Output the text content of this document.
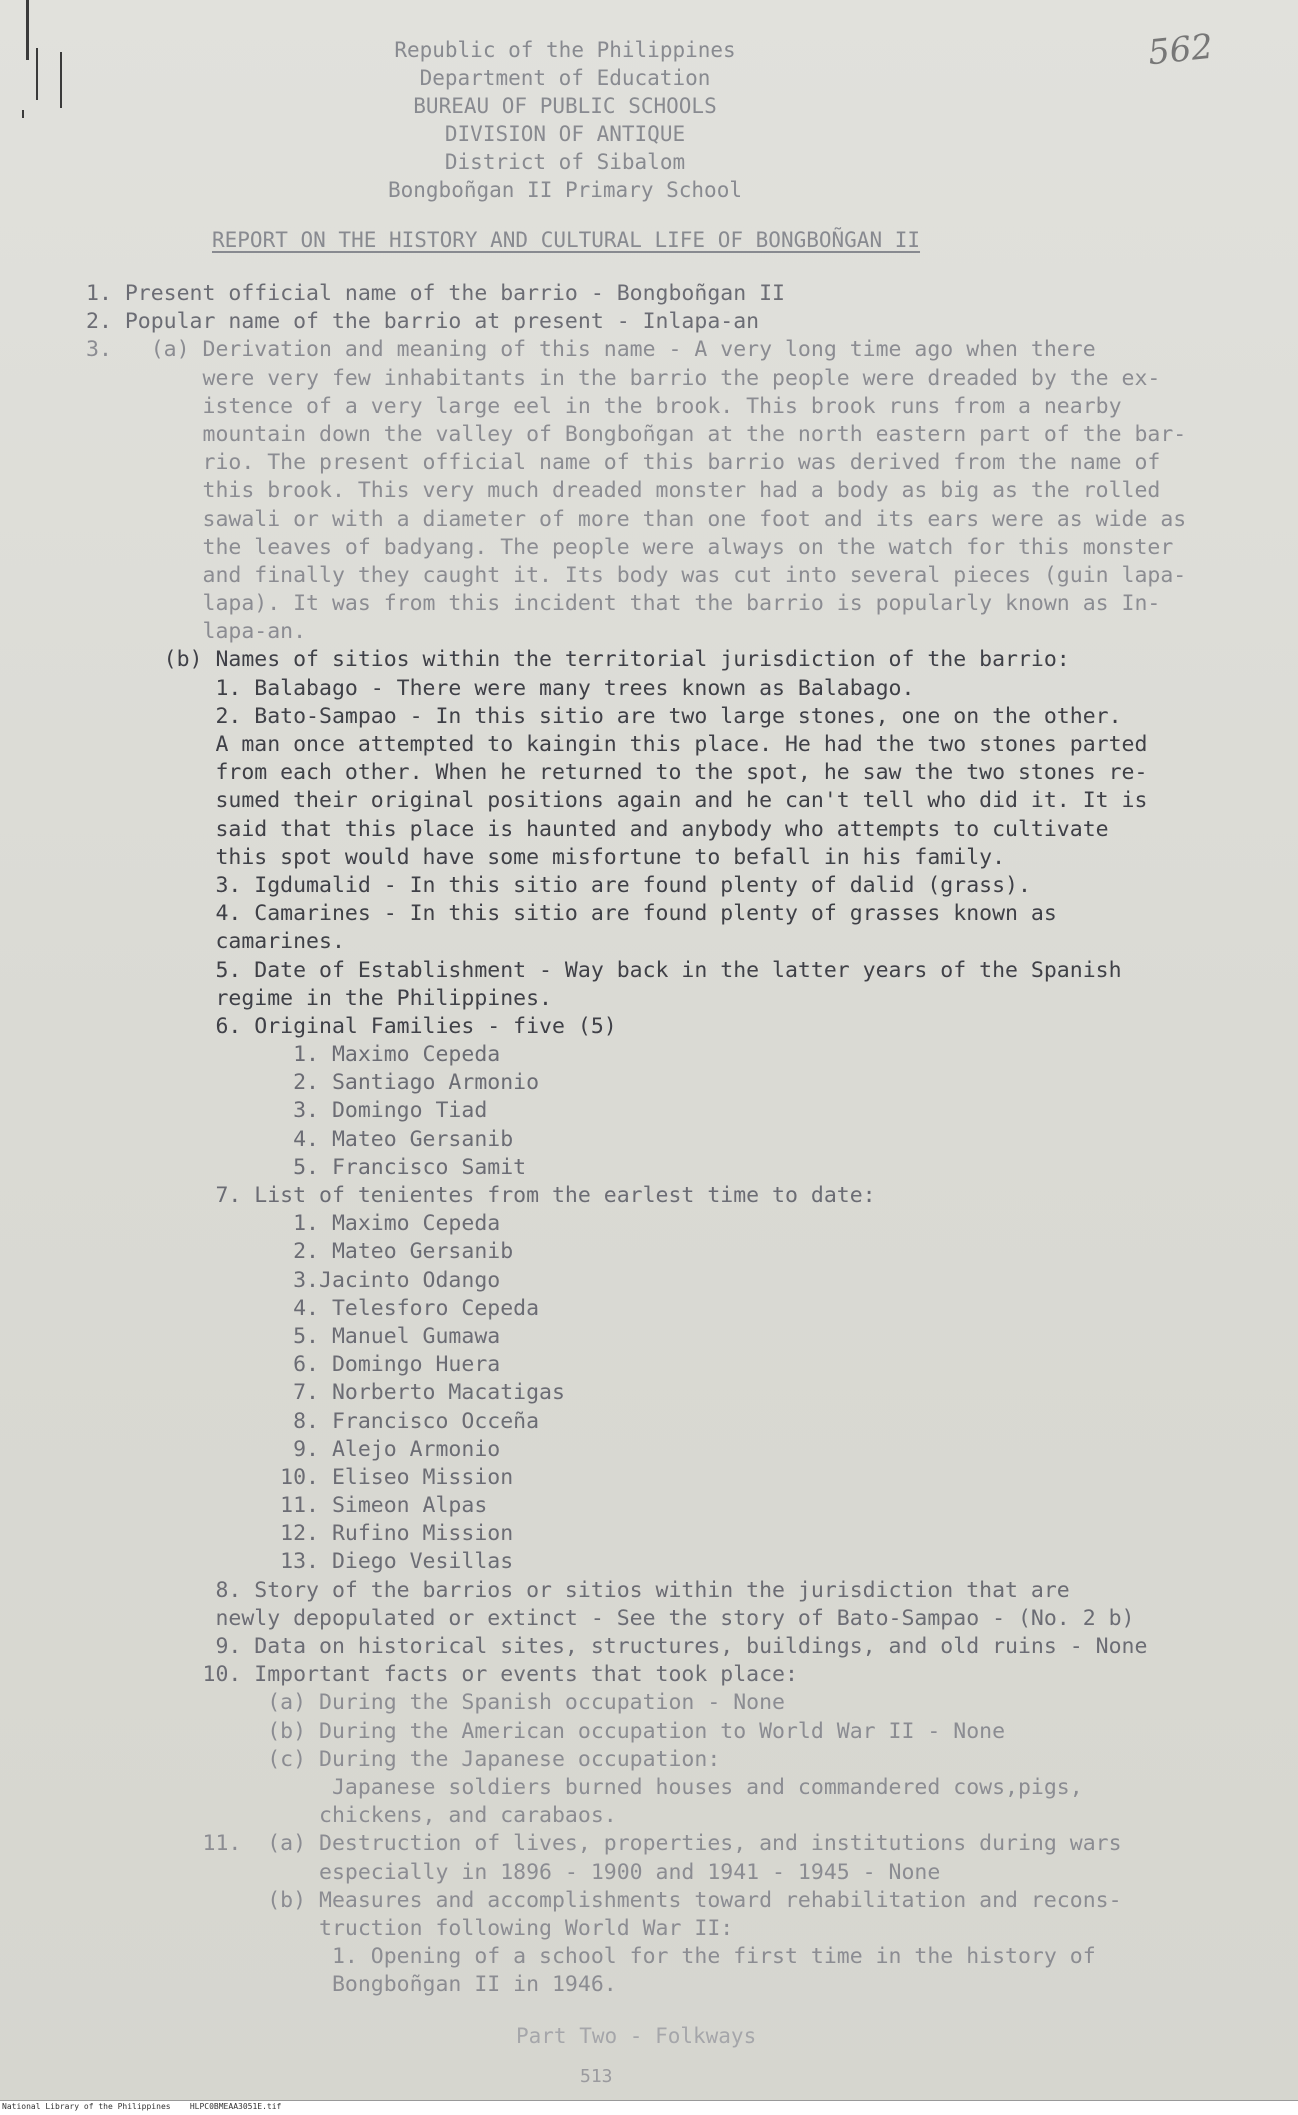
562
Republic of the Philippines
Department of Education
BUREAU OF PUBLIC SCHOOLS
DIVISION OF ANTIQUE
District of Sibalom
Bongboñgan II Primary School
REPORT ON THE HISTORY AND CULTURAL LIFE OF BONGBOÑGAN II
1. Present official name of the barrio - Bongboñgan II
2. Popular name of the barrio at present - Inlapa-an
3.   (a) Derivation and meaning of this name - A very long time ago when there
were very few inhabitants in the barrio the people were dreaded by the ex-
istence of a very large eel in the brook. This brook runs from a nearby
mountain down the valley of Bongboñgan at the north eastern part of the bar-
rio. The present official name of this barrio was derived from the name of
this brook. This very much dreaded monster had a body as big as the rolled
sawali or with a diameter of more than one foot and its ears were as wide as
the leaves of badyang. The people were always on the watch for this monster
and finally they caught it. Its body was cut into several pieces (guin lapa-
lapa). It was from this incident that the barrio is popularly known as In-
lapa-an.
(b) Names of sitios within the territorial jurisdiction of the barrio:
1. Balabago - There were many trees known as Balabago.
2. Bato-Sampao - In this sitio are two large stones, one on the other.
A man once attempted to kaingin this place. He had the two stones parted
from each other. When he returned to the spot, he saw the two stones re-
sumed their original positions again and he can't tell who did it. It is
said that this place is haunted and anybody who attempts to cultivate
this spot would have some misfortune to befall in his family.
3. Igdumalid - In this sitio are found plenty of dalid (grass).
4. Camarines - In this sitio are found plenty of grasses known as
camarines.
5. Date of Establishment - Way back in the latter years of the Spanish
regime in the Philippines.
6. Original Families - five (5)
1. Maximo Cepeda
2. Santiago Armonio
3. Domingo Tiad
4. Mateo Gersanib
5. Francisco Samit
7. List of tenientes from the earlest time to date:
1. Maximo Cepeda
2. Mateo Gersanib
3.Jacinto Odango
4. Telesforo Cepeda
5. Manuel Gumawa
6. Domingo Huera
7. Norberto Macatigas
8. Francisco Occeña
9. Alejo Armonio
10. Eliseo Mission
11. Simeon Alpas
12. Rufino Mission
13. Diego Vesillas
8. Story of the barrios or sitios within the jurisdiction that are
newly depopulated or extinct - See the story of Bato-Sampao - (No. 2 b)
9. Data on historical sites, structures, buildings, and old ruins - None
10. Important facts or events that took place:
(a) During the Spanish occupation - None
(b) During the American occupation to World War II - None
(c) During the Japanese occupation:
Japanese soldiers burned houses and commandered cows,pigs,
chickens, and carabaos.
11.  (a) Destruction of lives, properties, and institutions during wars
especially in 1896 - 1900 and 1941 - 1945 - None
(b) Measures and accomplishments toward rehabilitation and recons-
truction following World War II:
1. Opening of a school for the first time in the history of
Bongboñgan II in 1946.
Part Two - Folkways
513
National Library of the Philippines    HLPC0BMEAA3051E.tif
